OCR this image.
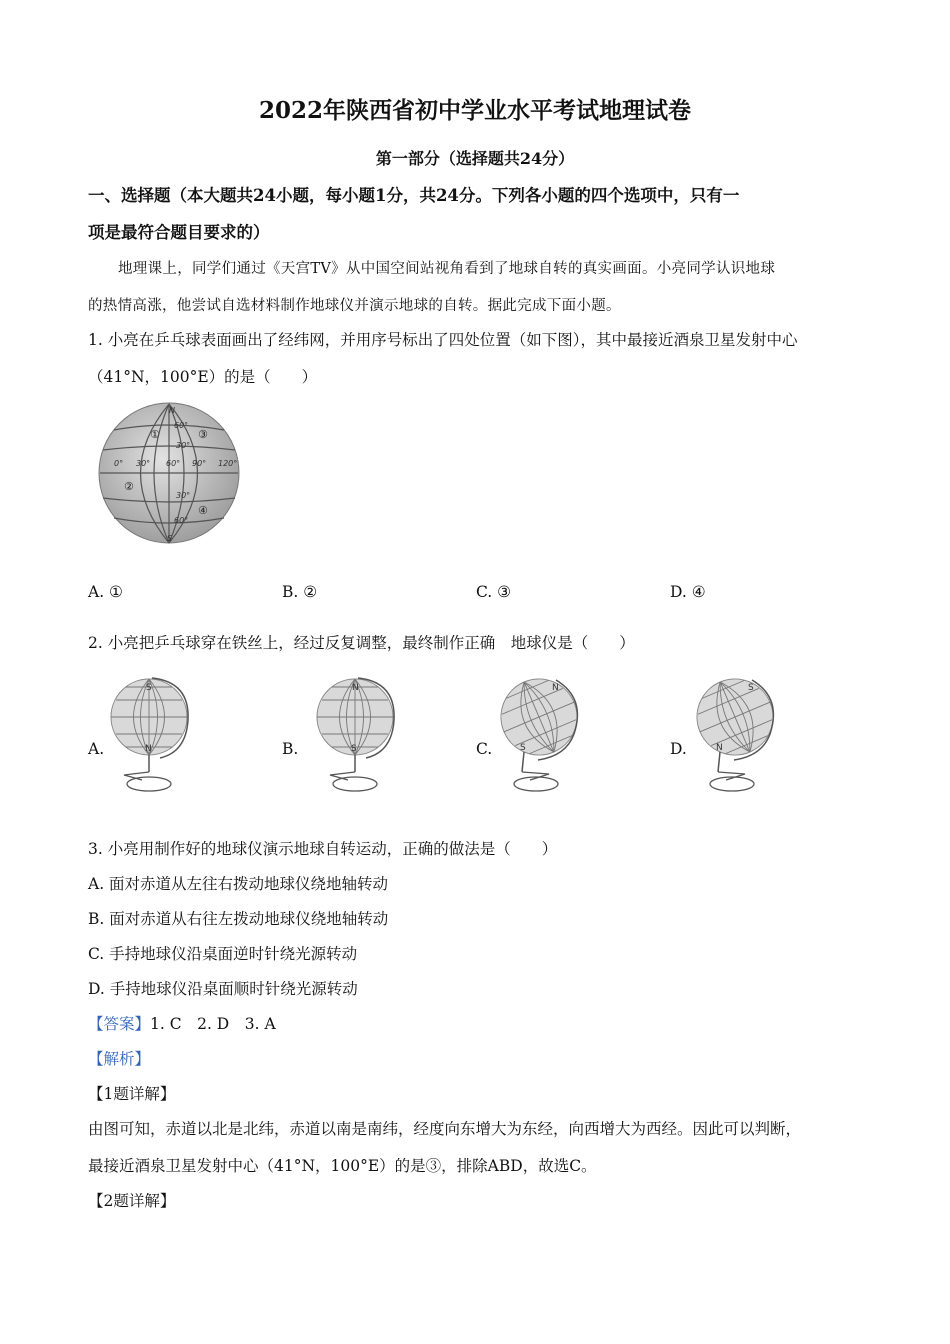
2022年陕西省初中学业水平考试地理试卷
第一部分（选择题共24分）
一、选择题（本大题共24小题，每小题1分，共24分。下列各小题的四个选项中，只有一
项是最符合题目要求的）
地理课上，同学们通过《天宫TV》从中国空间站视角看到了地球自转的真实画面。小亮同学认识地球
的热情高涨，他尝试自选材料制作地球仪并演示地球的自转。据此完成下面小题。
1. 小亮在乒乓球表面画出了经纬网，并用序号标出了四处位置（如下图），其中最接近酒泉卫星发射中心
（41°N，100°E）的是（　　）
N
S
60°
30°
30°
60°
0° 30° 60° 90° 120°
①
②
③
④
A. ①	B. ②	C. ③	D. ④
2. 小亮把乒乓球穿在铁丝上，经过反复调整，最终制作正确　地球仪是（　　）
A.
S
N	B.
N
S	C.
N
S	D.
S
N
3. 小亮用制作好的地球仪演示地球自转运动，正确的做法是（　　）
A. 面对赤道从左往右拨动地球仪绕地轴转动
B. 面对赤道从右往左拨动地球仪绕地轴转动
C. 手持地球仪沿桌面逆时针绕光源转动
D. 手持地球仪沿桌面顺时针绕光源转动
【答案】1. C　2. D　3. A
【解析】
【1题详解】
由图可知，赤道以北是北纬，赤道以南是南纬，经度向东增大为东经，向西增大为西经。因此可以判断，
最接近酒泉卫星发射中心（41°N，100°E）的是③，排除ABD，故选C。
【2题详解】
